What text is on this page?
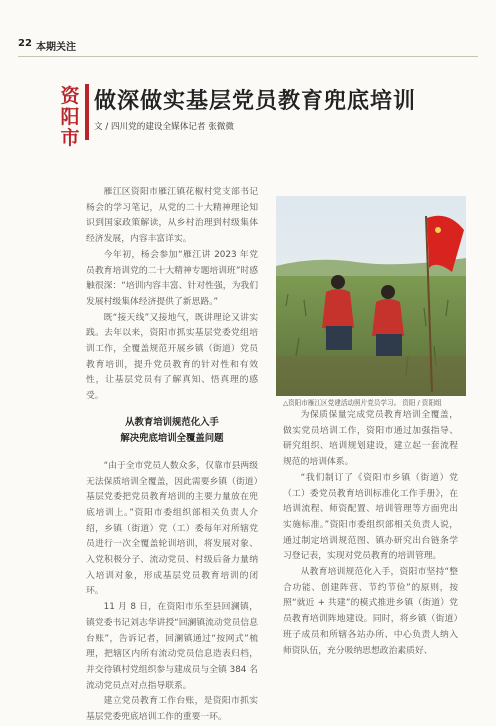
22 本期关注
资
阳
市
做深做实基层党员教育兜底培训
文 / 四川党的建设全媒体记者 张微微

雁江区资阳市雁江镇花椒村党支部书记杨会的学习笔记，从党的二十大精神理论知识到国家政策解读，从乡村治理到村级集体经济发展，内容丰富详实。

今年初，杨会参加“雁江讲 2023 年党员教育培训党的二十大精神专题培训班”时感触很深：“培训内容丰富、针对性强，为我们发展村级集体经济提供了新思路。”

既“接天线”又接地气，既讲理论又讲实践。去年以来，资阳市抓实基层党委党组培训工作，全覆盖规范开展乡镇（街道）党员教育培训，提升党员教育的针对性和有效性，让基层党员有了解真知、悟真理的感受。

从教育培训规范化入手
解决兜底培训全覆盖问题

“由于全市党员人数众多，仅靠市县两级无法保质培训全覆盖，因此需要乡镇（街道）基层党委把党员教育培训的主要力量放在兜底培训上。”资阳市委组织部相关负责人介绍，乡镇（街道）党（工）委每年对所辖党员进行一次全覆盖轮训培训，将发展对象、入党积极分子、流动党员、村级后备力量纳入培训对象，形成基层党员教育培训的闭环。

11 月 8 日，在资阳市乐至县回澜镇，镇党委书记刘志华讲授“回澜镇流动党员信息台账”，告诉记者，回澜镇通过“按网式”梳理，把辖区内所有流动党员信息造表归档，并交待镇村党组织参与建成员与全镇 384 名流动党员点对点指导联系。

建立党员教育工作台账，是资阳市抓实基层党委兜底培训工作的重要一环。

△资阳市雁江区党建活动照片党员学习。 资阳 / 资阳组

为保质保量完成党员教育培训全覆盖，做实党员培训工作，资阳市通过加强指导、研究组织、培训规划建设，建立起一套流程规范的培训体系。

“我们制订了《资阳市乡镇（街道）党（工）委党员教育培训标准化工作手册》，在培训流程、师资配置、培训管理等方面兜出实施标准。”资阳市委组织部相关负责人说，通过制定培训规范图、镇办研究出台链条学习登记表，实现对党员教育的培训管理。

从教育培训规范化入手，资阳市坚持“整合功能、创建阵营、节约节俭”的原则，按照“就近 + 共建”的模式推进乡镇（街道）党员教育培训阵地建设。同时，将乡镇（街道）班子成员和所辖各站办所、中心负责人纳入师资队伍，充分吸纳思想政治素质好、
